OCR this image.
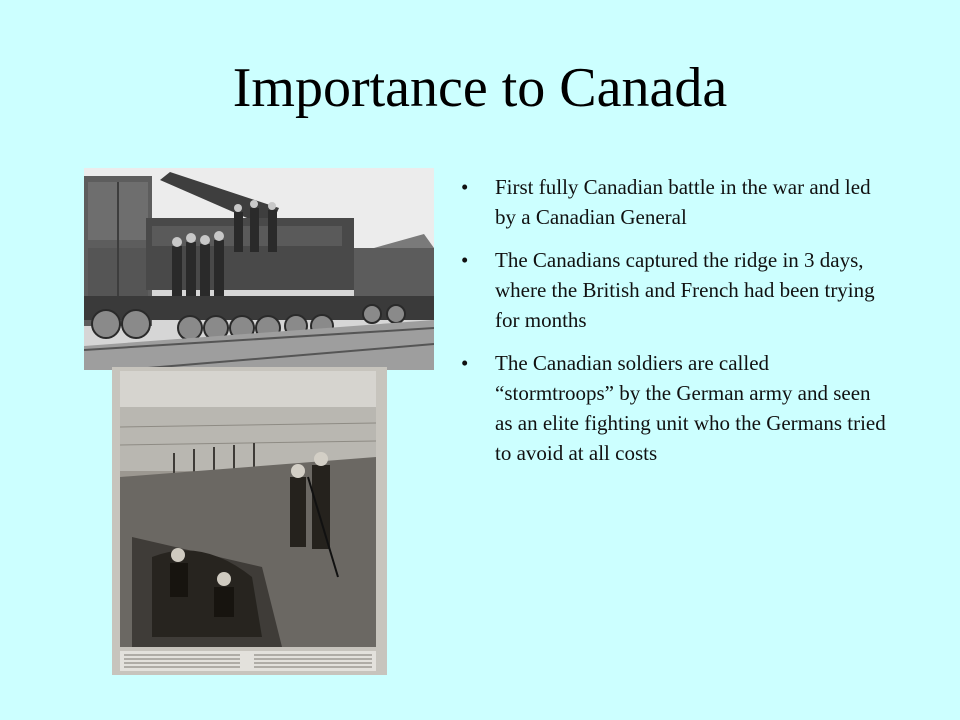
Importance to Canada
• First fully Canadian battle in the war and led by a Canadian General
• The Canadians captured the ridge in 3 days, where the British and French had been trying for months
• The Canadian soldiers are called “stormtroops” by the German army and seen as an elite fighting unit who the Germans tried to avoid at all costs
